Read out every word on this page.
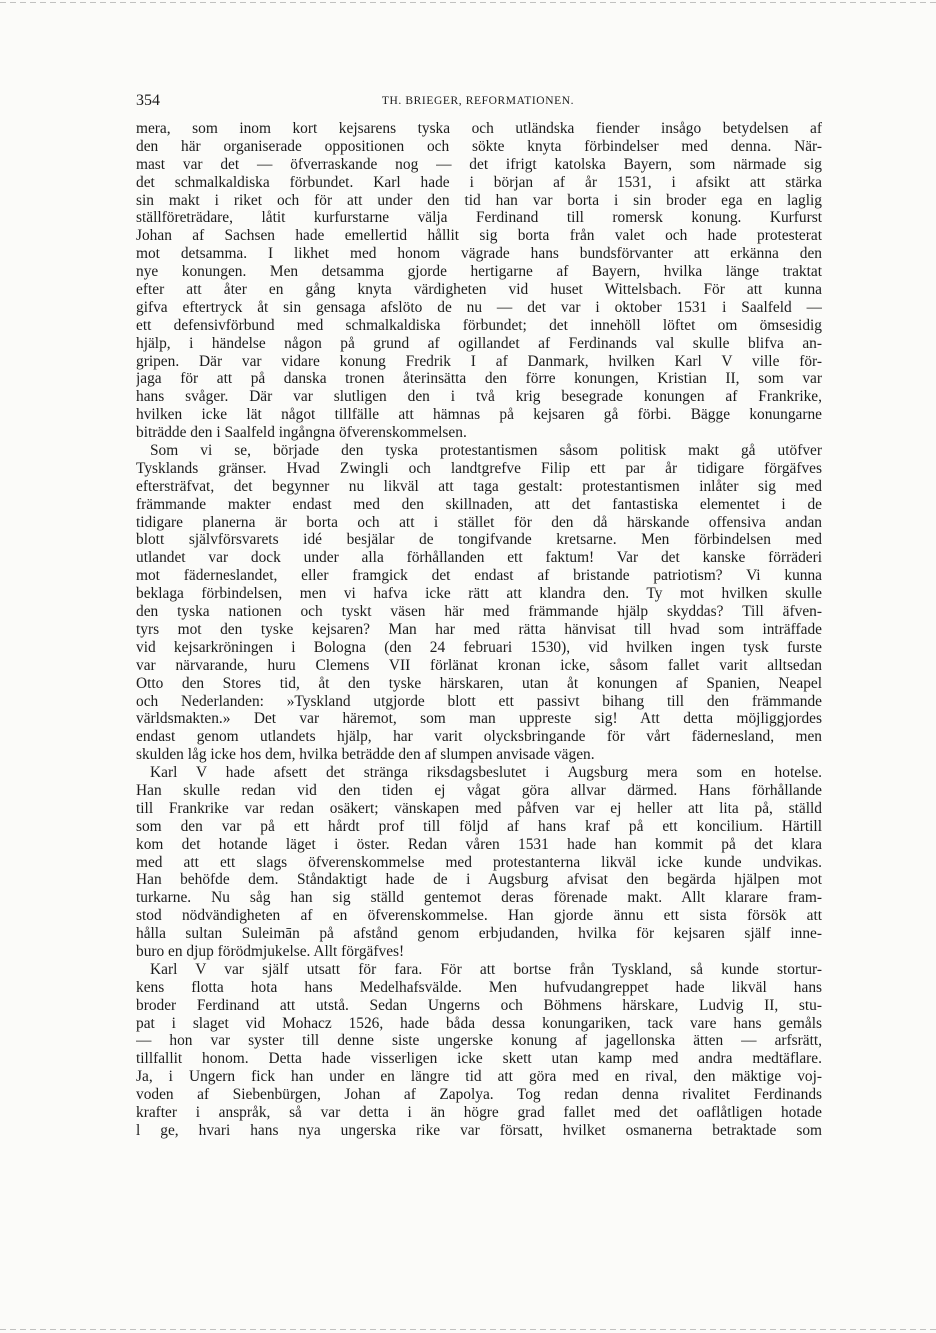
354	TH. BRIEGER, REFORMATIONEN.
mera, som inom kort kejsarens tyska och utländska fiender insågo betydelsen af
den här organiserade oppositionen och sökte knyta förbindelser med denna. När-
mast var det — öfverraskande nog — det ifrigt katolska Bayern, som närmade sig
det schmalkaldiska förbundet. Karl hade i början af år 1531, i afsikt att stärka
sin makt i riket och för att under den tid han var borta i sin broder ega en laglig
ställföreträdare, låtit kurfurstarne välja Ferdinand till romersk konung. Kurfurst
Johan af Sachsen hade emellertid hållit sig borta från valet och hade protesterat
mot detsamma. I likhet med honom vägrade hans bundsförvanter att erkänna den
nye konungen. Men detsamma gjorde hertigarne af Bayern, hvilka länge traktat
efter att åter en gång knyta värdigheten vid huset Wittelsbach. För att kunna
gifva eftertryck åt sin gensaga afslöto de nu — det var i oktober 1531 i Saalfeld —
ett defensivförbund med schmalkaldiska förbundet; det innehöll löftet om ömsesidig
hjälp, i händelse någon på grund af ogillandet af Ferdinands val skulle blifva an-
gripen. Där var vidare konung Fredrik I af Danmark, hvilken Karl V ville för-
jaga för att på danska tronen återinsätta den förre konungen, Kristian II, som var
hans svåger. Där var slutligen den i två krig besegrade konungen af Frankrike,
hvilken icke lät något tillfälle att hämnas på kejsaren gå förbi. Bägge konungarne
biträdde den i Saalfeld ingångna öfverenskommelsen.
Som vi se, började den tyska protestantismen såsom politisk makt gå utöfver
Tysklands gränser. Hvad Zwingli och landtgrefve Filip ett par år tidigare förgäfves
eftersträfvat, det begynner nu likväl att taga gestalt: protestantismen inlåter sig med
främmande makter endast med den skillnaden, att det fantastiska elementet i de
tidigare planerna är borta och att i stället för den då härskande offensiva andan
blott självförsvarets idé besjälar de tongifvande kretsarne. Men förbindelsen med
utlandet var dock under alla förhållanden ett faktum! Var det kanske förräderi
mot fäderneslandet, eller framgick det endast af bristande patriotism? Vi kunna
beklaga förbindelsen, men vi hafva icke rätt att klandra den. Ty mot hvilken skulle
den tyska nationen och tyskt väsen här med främmande hjälp skyddas? Till äfven-
tyrs mot den tyske kejsaren? Man har med rätta hänvisat till hvad som inträffade
vid kejsarkröningen i Bologna (den 24 februari 1530), vid hvilken ingen tysk furste
var närvarande, huru Clemens VII förlänat kronan icke, såsom fallet varit alltsedan
Otto den Stores tid, åt den tyske härskaren, utan åt konungen af Spanien, Neapel
och Nederlanden: »Tyskland utgjorde blott ett passivt bihang till den främmande
världsmakten.» Det var häremot, som man uppreste sig! Att detta möjliggjordes
endast genom utlandets hjälp, har varit olycksbringande för vårt fädernesland, men
skulden låg icke hos dem, hvilka beträdde den af slumpen anvisade vägen.
Karl V hade afsett det stränga riksdagsbeslutet i Augsburg mera som en hotelse.
Han skulle redan vid den tiden ej vågat göra allvar därmed. Hans förhållande
till Frankrike var redan osäkert; vänskapen med påfven var ej heller att lita på, ställd
som den var på ett hårdt prof till följd af hans kraf på ett koncilium. Härtill
kom det hotande läget i öster. Redan våren 1531 hade han kommit på det klara
med att ett slags öfverenskommelse med protestanterna likväl icke kunde undvikas.
Han behöfde dem. Ståndaktigt hade de i Augsburg afvisat den begärda hjälpen mot
turkarne. Nu såg han sig ställd gentemot deras förenade makt. Allt klarare fram-
stod nödvändigheten af en öfverenskommelse. Han gjorde ännu ett sista försök att
hålla sultan Suleimān på afstånd genom erbjudanden, hvilka för kejsaren själf inne-
buro en djup förödmjukelse. Allt förgäfves!
Karl V var själf utsatt för fara. För att bortse från Tyskland, så kunde stortur-
kens flotta hota hans Medelhafsvälde. Men hufvudangreppet hade likväl hans
broder Ferdinand att utstå. Sedan Ungerns och Böhmens härskare, Ludvig II, stu-
pat i slaget vid Mohacz 1526, hade båda dessa konungariken, tack vare hans gemåls
— hon var syster till denne siste ungerske konung af jagellonska ätten — arfsrätt,
tillfallit honom. Detta hade visserligen icke skett utan kamp med andra medtäflare.
Ja, i Ungern fick han under en längre tid att göra med en rival, den mäktige voj-
voden af Siebenbürgen, Johan af Zapolya. Tog redan denna rivalitet Ferdinands
krafter i anspråk, så var detta i än högre grad fallet med det oaflåtligen hotade
l ge, hvari hans nya ungerska rike var försatt, hvilket osmanerna betraktade som
